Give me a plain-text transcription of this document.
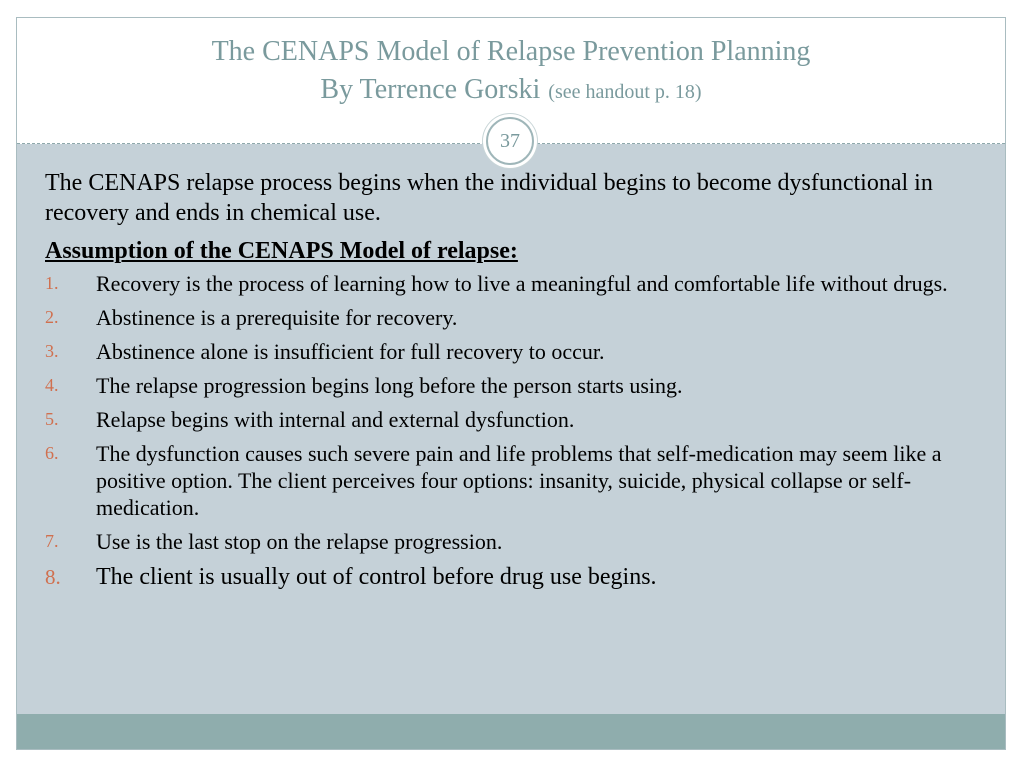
The CENAPS Model of Relapse Prevention Planning
By Terrence Gorski (see handout p. 18)
37

The CENAPS relapse process begins when the individual begins to become dysfunctional in recovery and ends in chemical use.

Assumption of the CENAPS Model of relapse:

1. Recovery is the process of learning how to live a meaningful and comfortable life without drugs.
2. Abstinence is a prerequisite for recovery.
3. Abstinence alone is insufficient for full recovery to occur.
4. The relapse progression begins long before the person starts using.
5. Relapse begins with internal and external dysfunction.
6. The dysfunction causes such severe pain and life problems that self-medication may seem like a positive option. The client perceives four options: insanity, suicide, physical collapse or self-medication.
7. Use is the last stop on the relapse progression.
8. The client is usually out of control before drug use begins.
